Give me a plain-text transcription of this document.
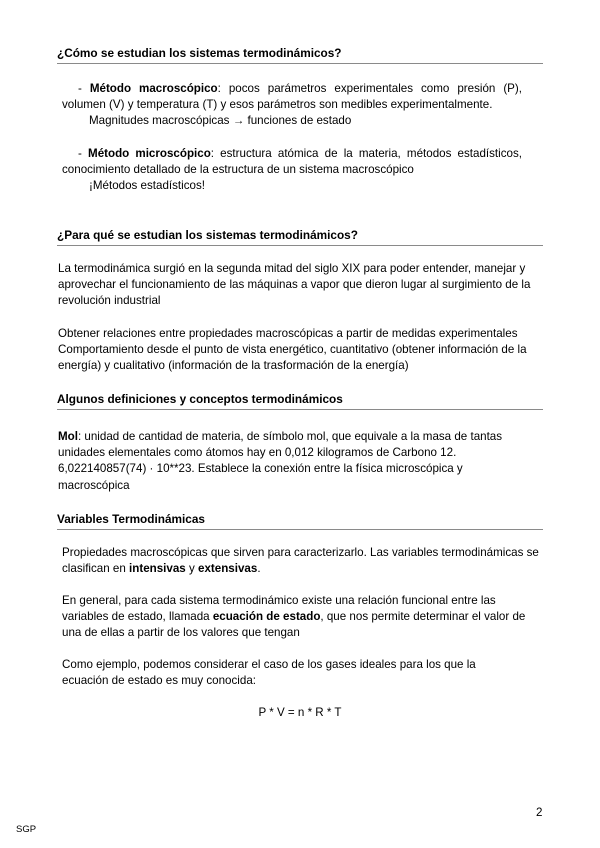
¿Cómo se estudian los sistemas termodinámicos?
- Método macroscópico: pocos parámetros experimentales como presión (P), volumen (V) y temperatura (T) y esos parámetros son medibles experimentalmente.
Magnitudes macroscópicas → funciones de estado
- Método microscópico: estructura atómica de la materia, métodos estadísticos, conocimiento detallado de la estructura de un sistema macroscópico
¡Métodos estadísticos!
¿Para qué se estudian los sistemas termodinámicos?
La termodinámica surgió en la segunda mitad del siglo XIX para poder entender, manejar y aprovechar el funcionamiento de las máquinas a vapor que dieron lugar al surgimiento de la revolución industrial
Obtener relaciones entre propiedades macroscópicas a partir de medidas experimentales
Comportamiento desde el punto de vista energético, cuantitativo (obtener información de la energía) y cualitativo (información de la trasformación de la energía)
Algunos definiciones y conceptos termodinámicos
Mol: unidad de cantidad de materia, de símbolo mol, que equivale a la masa de tantas unidades elementales como átomos hay en 0,012 kilogramos de Carbono 12. 6,022140857(74) · 10**23. Establece la conexión entre la física microscópica y macroscópica
Variables Termodinámicas
Propiedades macroscópicas que sirven para caracterizarlo. Las variables termodinámicas se clasifican en intensivas y extensivas.
En general, para cada sistema termodinámico existe una relación funcional entre las variables de estado, llamada ecuación de estado, que nos permite determinar el valor de una de ellas a partir de los valores que tengan
Como ejemplo, podemos considerar el caso de los gases ideales para los que la ecuación de estado es muy conocida:
P * V = n * R * T
2
SGP
